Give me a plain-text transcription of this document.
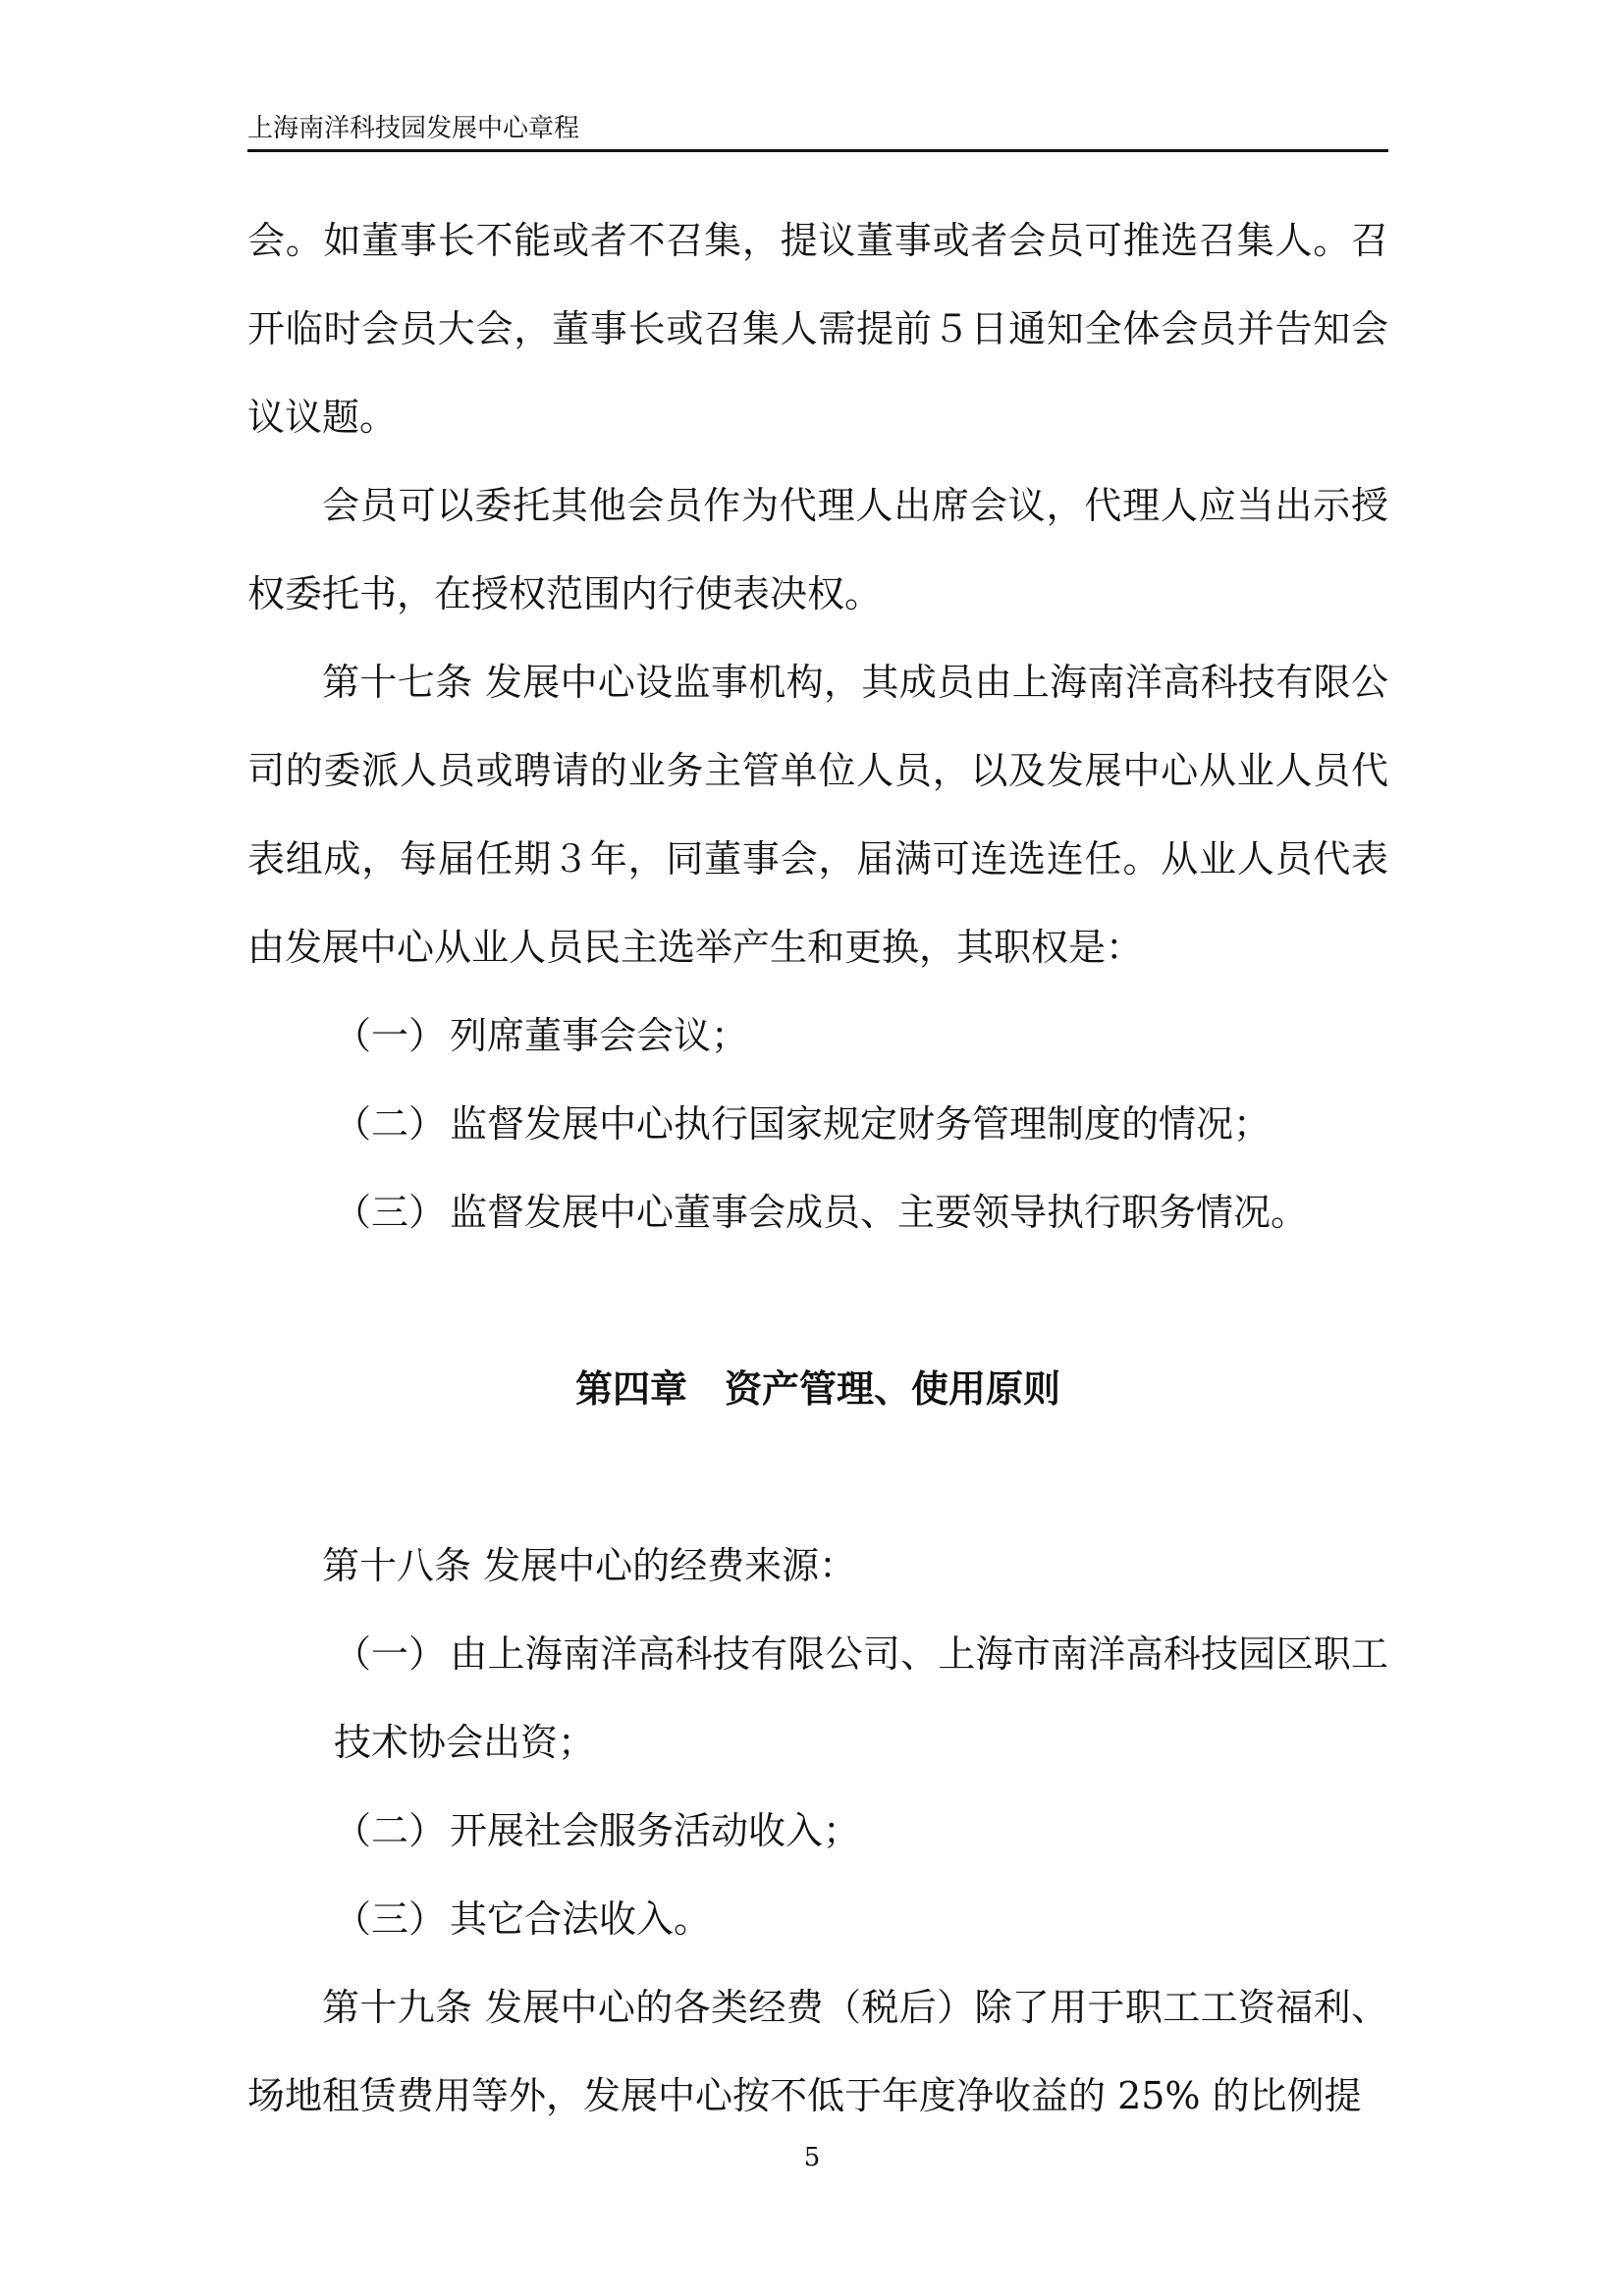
上海南洋科技园发展中心章程

会。如董事长不能或者不召集，提议董事或者会员可推选召集人。召开临时会员大会，董事长或召集人需提前５日通知全体会员并告知会议议题。

会员可以委托其他会员作为代理人出席会议，代理人应当出示授权委托书，在授权范围内行使表决权。

第十七条 发展中心设监事机构，其成员由上海南洋高科技有限公司的委派人员或聘请的业务主管单位人员，以及发展中心从业人员代表组成，每届任期３年，同董事会，届满可连选连任。从业人员代表由发展中心从业人员民主选举产生和更换，其职权是：

（一） 列席董事会会议；

（二） 监督发展中心执行国家规定财务管理制度的情况；

（三） 监督发展中心董事会成员、主要领导执行职务情况。

第四章　资产管理、使用原则

第十八条 发展中心的经费来源：

（一） 由上海南洋高科技有限公司、上海市南洋高科技园区职工技术协会出资；

（二） 开展社会服务活动收入；

（三） 其它合法收入。

第十九条 发展中心的各类经费（税后）除了用于职工工资福利、场地租赁费用等外，发展中心按不低于年度净收益的 25% 的比例提

5
